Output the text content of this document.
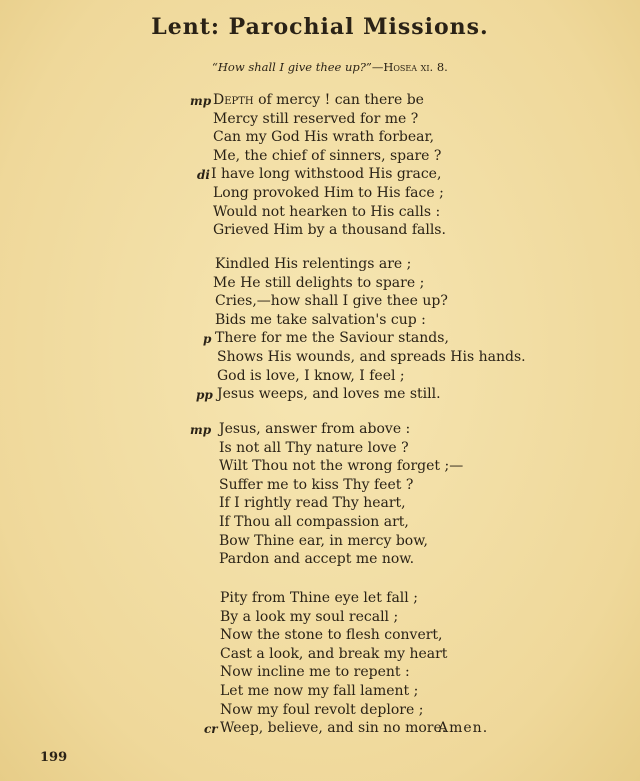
Lent: Parochial Missions.
“How shall I give thee up?”—Hosea xi. 8.
mp Depth of mercy ! can there be
Mercy still reserved for me ?
Can my God His wrath forbear,
Me, the chief of sinners, spare ?
di I have long withstood His grace,
Long provoked Him to His face ;
Would not hearken to His calls :
Grieved Him by a thousand falls.
Kindled His relentings are ;
Me He still delights to spare ;
Cries,—how shall I give thee up?
Bids me take salvation's cup :
p There for me the Saviour stands,
Shows His wounds, and spreads His hands.
God is love, I know, I feel ;
pp Jesus weeps, and loves me still.
mp Jesus, answer from above :
Is not all Thy nature love ?
Wilt Thou not the wrong forget ;—
Suffer me to kiss Thy feet ?
If I rightly read Thy heart,
If Thou all compassion art,
Bow Thine ear, in mercy bow,
Pardon and accept me now.
Pity from Thine eye let fall ;
By a look my soul recall ;
Now the stone to flesh convert,
Cast a look, and break my heart
Now incline me to repent :
Let me now my fall lament ;
Now my foul revolt deplore ;
cr Weep, believe, and sin no more.
Amen.
199
